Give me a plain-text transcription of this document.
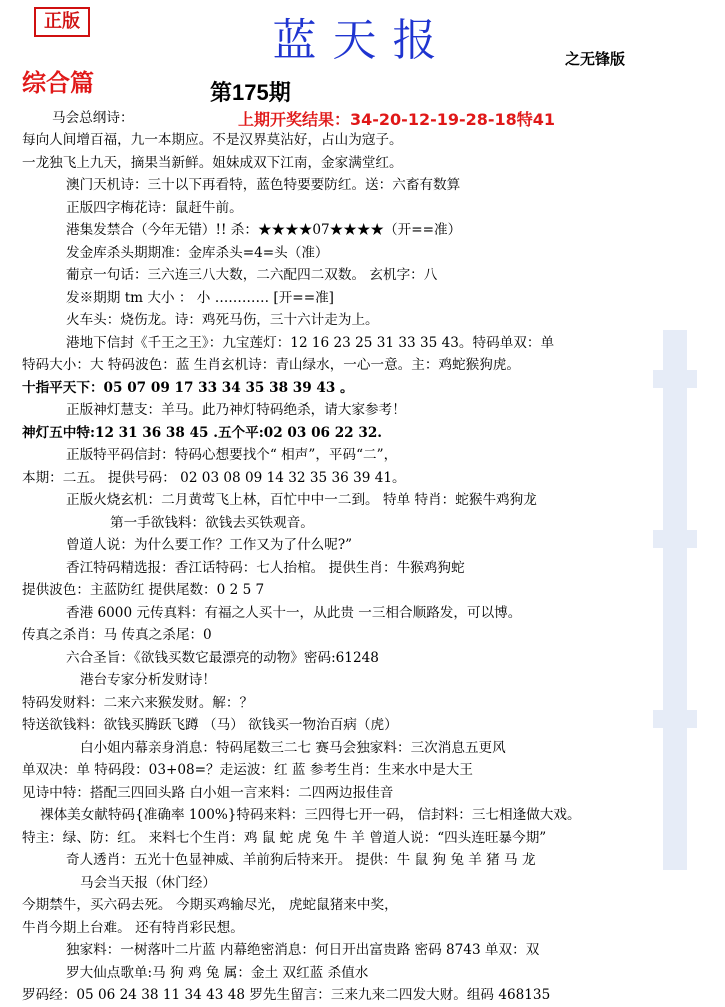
正版	蓝天报	之无锋版
综合篇	第175期
上期开奖结果：34-20-12-19-28-18特41
马会总纲诗：
每向人间增百福，九一本期应。不是汉界莫沾好，占山为寇子。
一龙独飞上九天，摘果当新鲜。姐妹成双下江南，金家满堂红。
澳门天机诗：三十以下再看特，蓝色特要要防红。送：六畜有数算
正版四字梅花诗：鼠赶牛前。
港集发禁合（今年无错）!! 杀：★★★★07★★★★（开==准）
发金库杀头期期准：金库杀头=4=头（准）
葡京一句话：三六连三八大数，二六配四二双数。 玄机字：八
发※期期 tm 大小 ： 小 ………… [开==准]
火车头：烧伤龙。诗：鸡死马伤，三十六计走为上。
港地下信封《千王之王》：九宝莲灯：12 16 23 25 31 33 35 43。特码单双：单
特码大小：大 特码波色：蓝 生肖玄机诗：青山绿水，一心一意。主：鸡蛇猴狗虎。
十指平天下：05 07 09 17 33 34 35 38 39 43 。
正版神灯慧支：羊马。此乃神灯特码绝杀，请大家参考！
神灯五中特:12 31 36 38 45 .五个平:02 03 06 22 32.
正版特平码信封：特码心想要找个“ 相声”，平码“二”，
本期：二五。 提供号码： 02 03 08 09 14 32 35 36 39 41。
正版火烧玄机：二月黄莺飞上林，百忙中中一二到。 特单 特肖：蛇猴牛鸡狗龙
第一手欲钱料：欲钱去买铁观音。
曾道人说：为什么要工作？工作又为了什么呢?”
香江特码精选报：香江话特码：七人抬棺。 提供生肖：牛猴鸡狗蛇
提供波色：主蓝防红 提供尾数：0 2 5 7
香港 6000 元传真料：有福之人买十一，从此贵 一三相合顺路发，可以博。
传真之杀肖：马 传真之杀尾：0
六合圣旨：《欲钱买数它最漂亮的动物》密码:61248
港台专家分析发财诗！
特码发财料：二来六来猴发财。解：？
特送欲钱料：欲钱买腾跃飞蹲 （马） 欲钱买一物治百病（虎）
白小姐内幕亲身消息：特码尾数三二七 赛马会独家料：三次消息五更风
单双决：单 特码段：03+08=？走运波：红 蓝 参考生肖：生来水中是大王
见诗中特：搭配三四回头路 白小姐一言来料：二四两边报佳音
裸体美女献特码{准确率 100%}特码来料：三四得七开一码， 信封料：三七相逢做大戏。
特主：绿、防：红。 来料七个生肖：鸡 鼠 蛇 虎 兔 牛 羊 曾道人说：“四头连旺暴今期”
奇人透肖：五光十色显神威、羊前狗后特来开。 提供：牛 鼠 狗 兔 羊 猪 马 龙
马会当天报（休门经）
今期禁牛，买六码去死。 今期买鸡输尽光， 虎蛇鼠猪来中奖，
牛肖今期上台难。 还有特肖彩民想。
独家料：一树落叶二片蓝 内幕绝密消息：何日开出富贵路 密码 8743 单双：双
罗大仙点歌单:马 狗 鸡 兔 属：金土 双红蓝 杀值水
罗码经：05 06 24 38 11 34 43 48 罗先生留言：三来九来二四发大财。组码 468135
